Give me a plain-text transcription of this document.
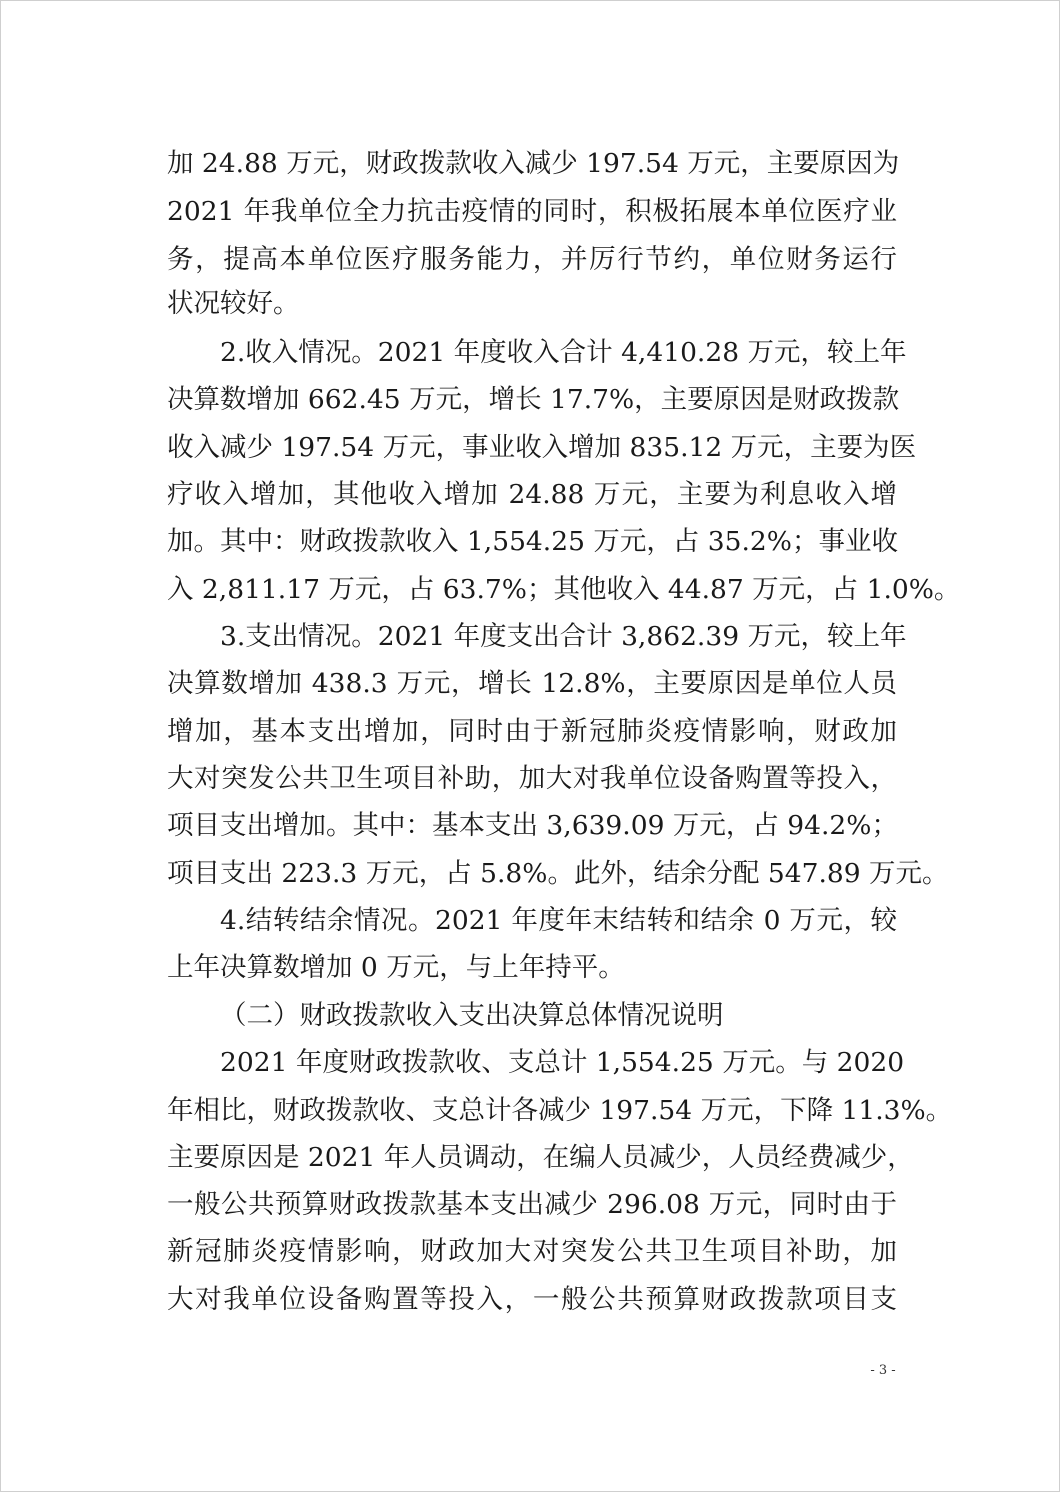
加 24.88 万元，财政拨款收入减少 197.54 万元，主要原因为

2021 年我单位全力抗击疫情的同时，积极拓展本单位医疗业

务，提高本单位医疗服务能力，并厉行节约，单位财务运行

状况较好。

2.收入情况。2021 年度收入合计 4,410.28 万元，较上年

决算数增加 662.45 万元，增长 17.7%，主要原因是财政拨款

收入减少 197.54 万元，事业收入增加 835.12 万元，主要为医

疗收入增加，其他收入增加 24.88 万元，主要为利息收入增

加。其中：财政拨款收入 1,554.25 万元，占 35.2%；事业收

入 2,811.17 万元，占 63.7%；其他收入 44.87 万元，占 1.0%。

3.支出情况。2021 年度支出合计 3,862.39 万元，较上年

决算数增加 438.3 万元，增长 12.8%，主要原因是单位人员

增加，基本支出增加，同时由于新冠肺炎疫情影响，财政加

大对突发公共卫生项目补助，加大对我单位设备购置等投入，

项目支出增加。其中：基本支出 3,639.09 万元，占 94.2%；

项目支出 223.3 万元，占 5.8%。此外，结余分配 547.89 万元。

4.结转结余情况。2021 年度年末结转和结余 0 万元，较

上年决算数增加 0 万元，与上年持平。

（二）财政拨款收入支出决算总体情况说明

2021 年度财政拨款收、支总计 1,554.25 万元。与 2020

年相比，财政拨款收、支总计各减少 197.54 万元，下降 11.3%。

主要原因是 2021 年人员调动，在编人员减少，人员经费减少，

一般公共预算财政拨款基本支出减少 296.08 万元，同时由于

新冠肺炎疫情影响，财政加大对突发公共卫生项目补助，加

大对我单位设备购置等投入，一般公共预算财政拨款项目支

- 3 -
